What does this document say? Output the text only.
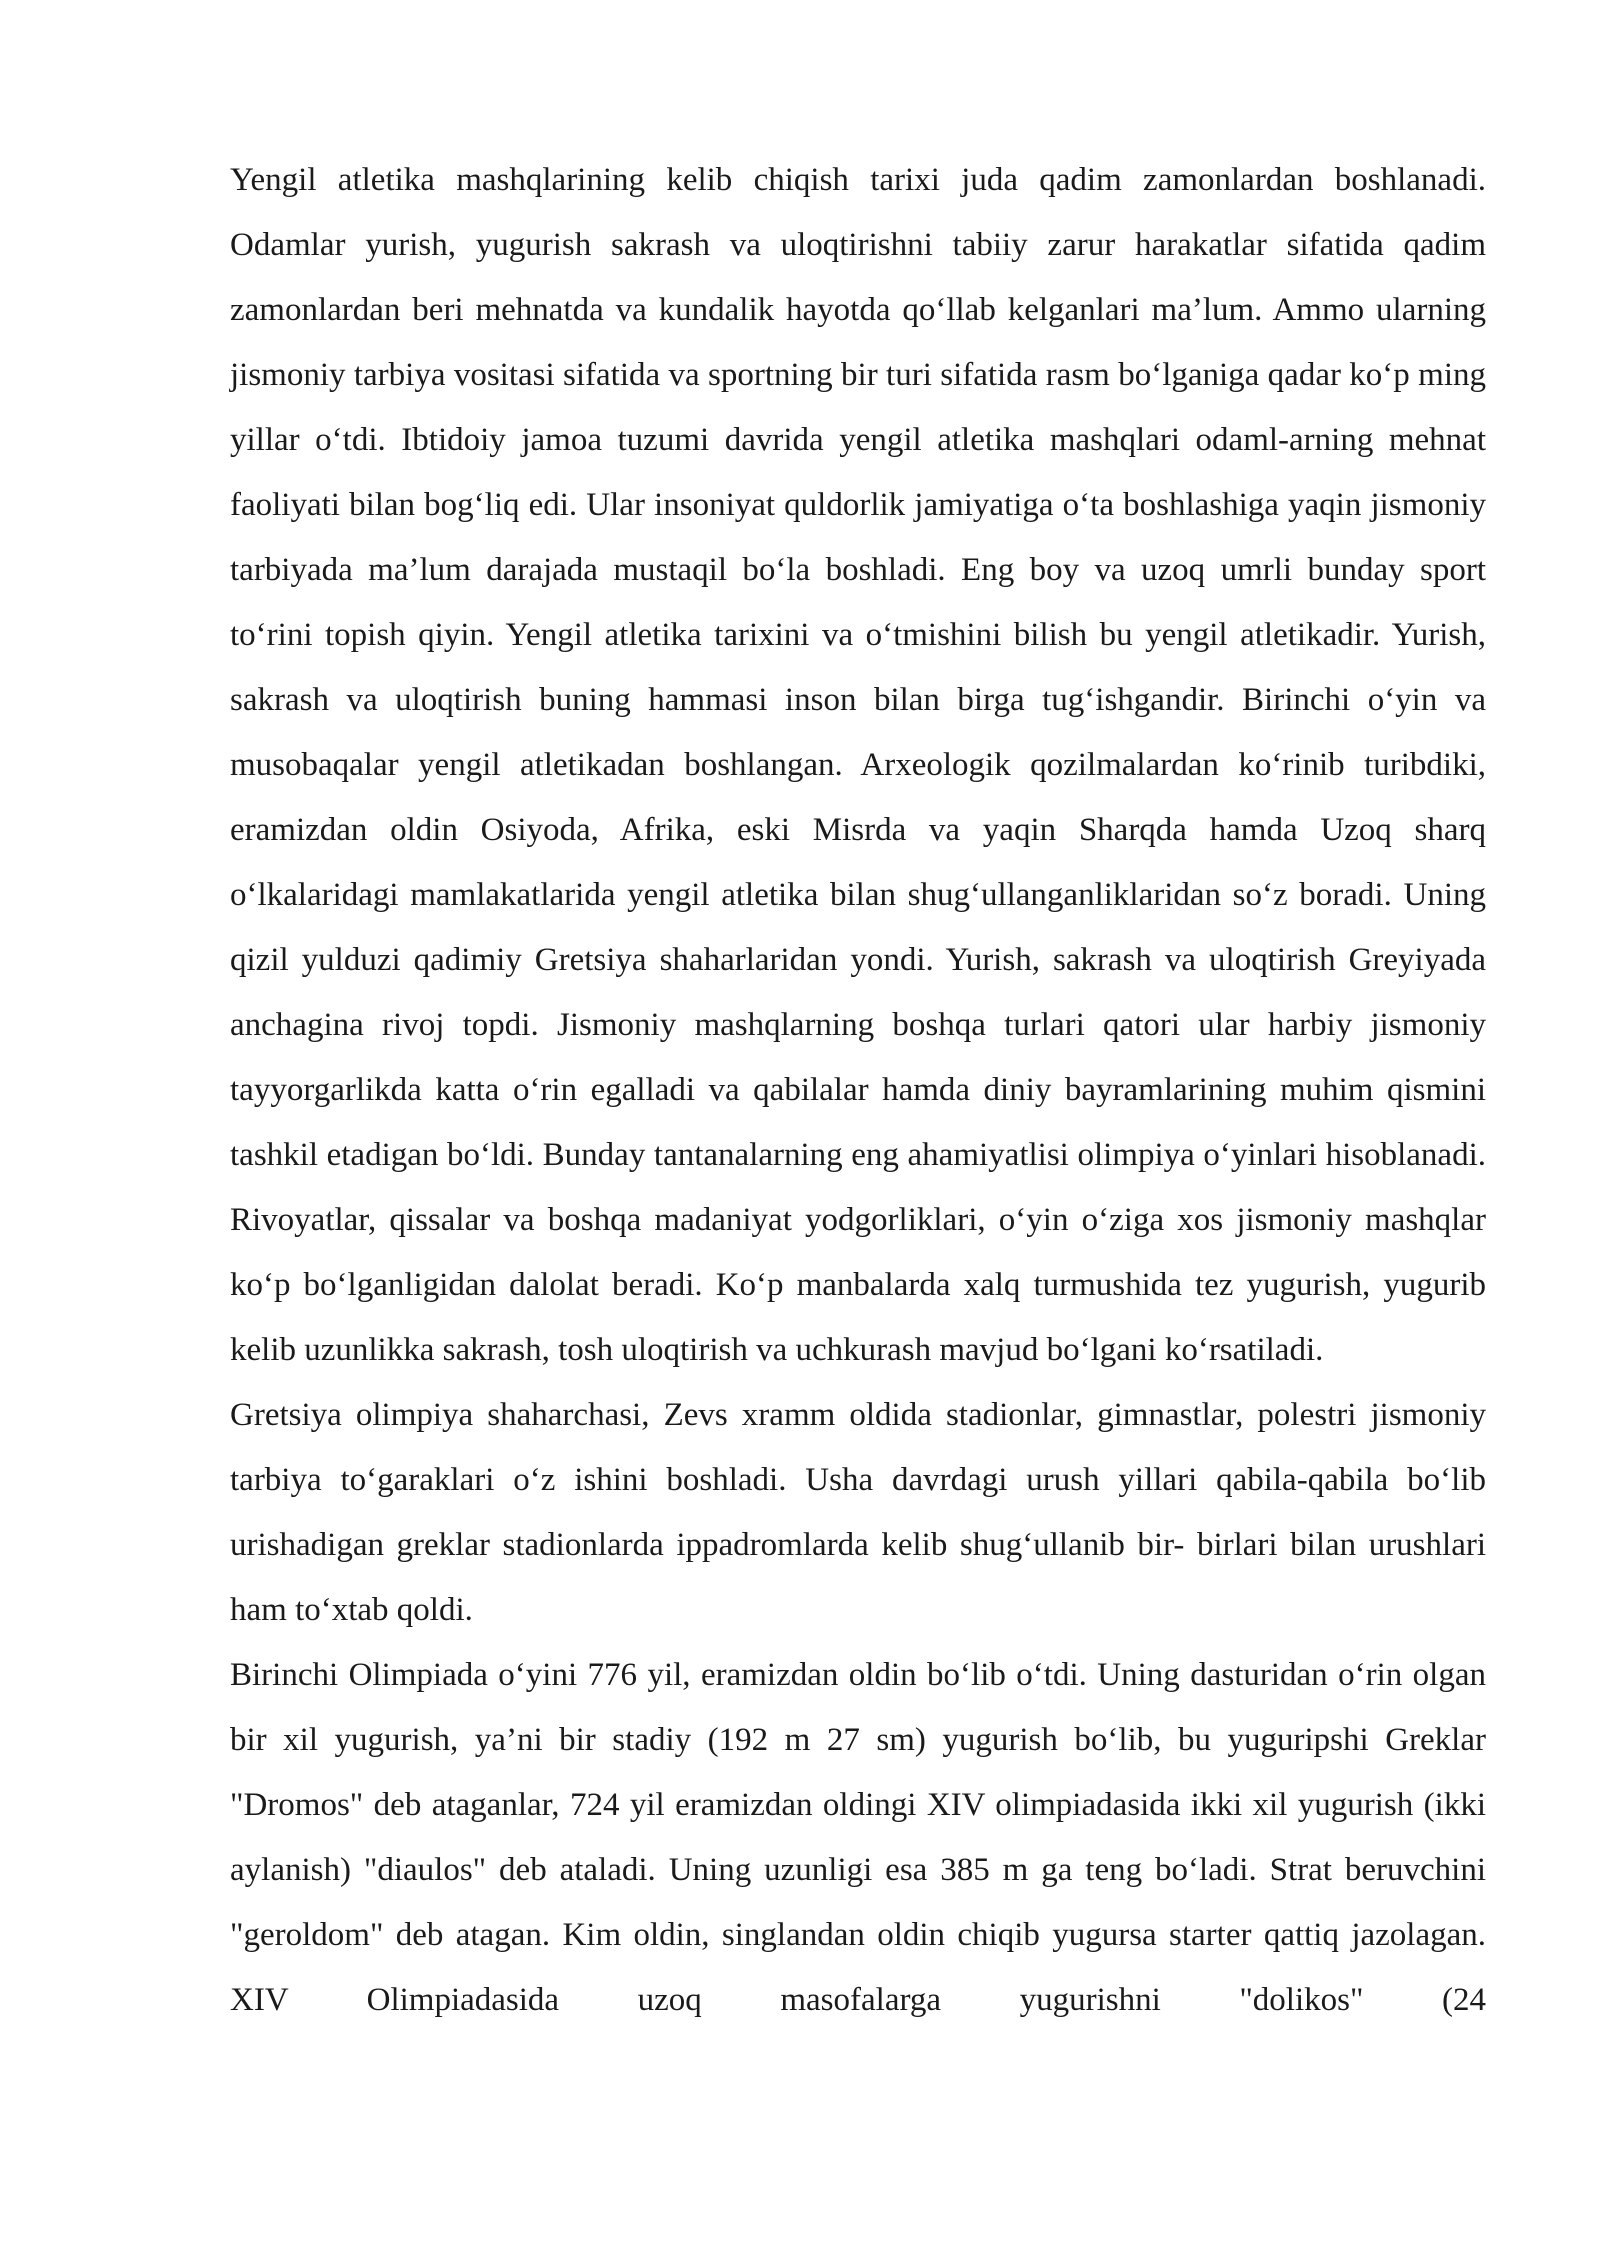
Yengil atletika mashqlarining kelib chiqish tarixi juda qadim zamonlardan boshlanadi. Odamlar yurish, yugurish sakrash va uloqtirishni tabiiy zarur harakatlar sifatida qadim zamonlardan beri mehnatda va kundalik hayotda qo‘llab kelganlari ma’lum. Ammo ularning jismoniy tarbiya vositasi sifatida va sportning bir turi sifatida rasm bo‘lganiga qadar ko‘p ming yillar o‘tdi. Ibtidoiy jamoa tuzumi davrida yengil atletika mashqlari odaml-arning mehnat faoliyati bilan bog‘liq edi. Ular insoniyat quldorlik jamiyatiga o‘ta boshlashiga yaqin jismoniy tarbiyada ma’lum darajada mustaqil bo‘la boshladi. Eng boy va uzoq umrli bunday sport to‘rini topish qiyin. Yengil atletika tarixini va o‘tmishini bilish bu yengil atletikadir. Yurish, sakrash va uloqtirish buning hammasi inson bilan birga tug‘ishgandir. Birinchi o‘yin va musobaqalar yengil atletikadan boshlangan. Arxeologik qozilmalardan ko‘rinib turibdiki, eramizdan oldin Osiyoda, Afrika, eski Misrda va yaqin Sharqda hamda Uzoq sharq o‘lkalaridagi mamlakatlarida yengil atletika bilan shug‘ullanganliklaridan so‘z boradi. Uning qizil yulduzi qadimiy Gretsiya shaharlaridan yondi. Yurish, sakrash va uloqtirish Greyiyada anchagina rivoj topdi. Jismoniy mashqlarning boshqa turlari qatori ular harbiy jismoniy tayyorgarlikda katta o‘rin egalladi va qabilalar hamda diniy bayramlarining muhim qismini tashkil etadigan bo‘ldi. Bunday tantanalarning eng ahamiyatlisi olimpiya o‘yinlari hisoblanadi. Rivoyatlar, qissalar va boshqa madaniyat yodgorliklari, o‘yin o‘ziga xos jismoniy mashqlar ko‘p bo‘lganligidan dalolat beradi. Ko‘p manbalarda xalq turmushida tez yugurish, yugurib kelib uzunlikka sakrash, tosh uloqtirish va uchkurash mavjud bo‘lgani ko‘rsatiladi.

Gretsiya olimpiya shaharchasi, Zevs xramm oldida stadionlar, gimnastlar, polestri jismoniy tarbiya to‘garaklari o‘z ishini boshladi. Usha davrdagi urush yillari qabila-qabila bo‘lib urishadigan greklar stadionlarda ippadromlarda kelib shug‘ullanib bir- birlari bilan urushlari ham to‘xtab qoldi.

Birinchi Olimpiada o‘yini 776 yil, eramizdan oldin bo‘lib o‘tdi. Uning dasturidan o‘rin olgan bir xil yugurish, ya’ni bir stadiy (192 m 27 sm) yugurish bo‘lib, bu yuguripshi Greklar "Dromos" deb ataganlar, 724 yil eramizdan oldingi XIV olimpiadasida ikki xil yugurish (ikki aylanish) "diaulos" deb ataladi. Uning uzunligi esa 385 m ga teng bo‘ladi. Strat beruvchini "geroldom" deb atagan. Kim oldin, singlandan oldin chiqib yugursa starter qattiq jazolagan. XIV Olimpiadasida uzoq masofalarga yugurishni "dolikos" (24
